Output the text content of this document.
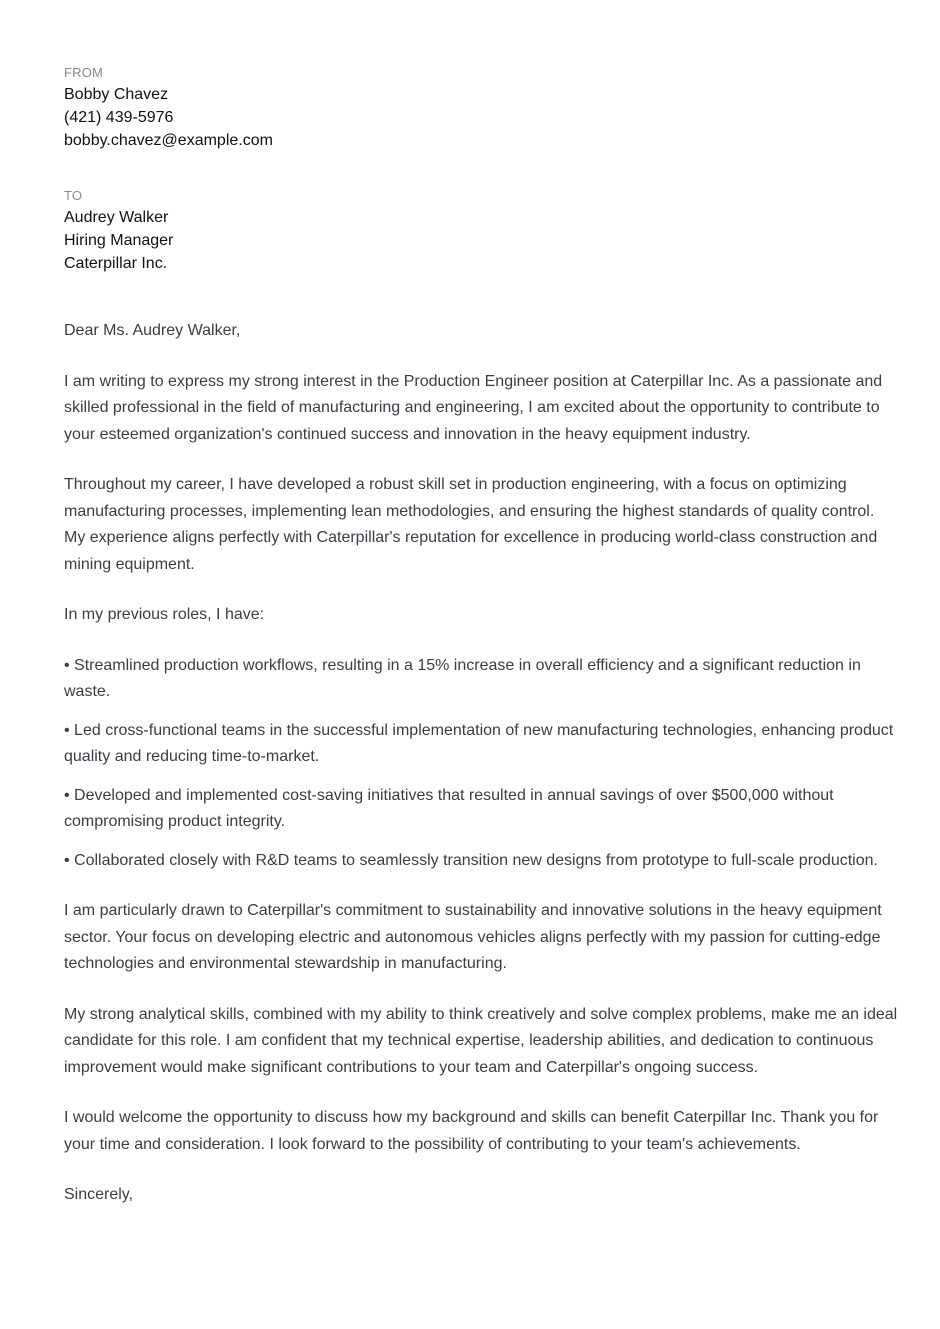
FROM
Bobby Chavez
(421) 439-5976
bobby.chavez@example.com
TO
Audrey Walker
Hiring Manager
Caterpillar Inc.
Dear Ms. Audrey Walker,

I am writing to express my strong interest in the Production Engineer position at Caterpillar Inc. As a passionate and skilled professional in the field of manufacturing and engineering, I am excited about the opportunity to contribute to your esteemed organization's continued success and innovation in the heavy equipment industry.

Throughout my career, I have developed a robust skill set in production engineering, with a focus on optimizing manufacturing processes, implementing lean methodologies, and ensuring the highest standards of quality control. My experience aligns perfectly with Caterpillar's reputation for excellence in producing world-class construction and mining equipment.

In my previous roles, I have:

• Streamlined production workflows, resulting in a 15% increase in overall efficiency and a significant reduction in waste.

• Led cross-functional teams in the successful implementation of new manufacturing technologies, enhancing product quality and reducing time-to-market.

• Developed and implemented cost-saving initiatives that resulted in annual savings of over $500,000 without compromising product integrity.

• Collaborated closely with R&D teams to seamlessly transition new designs from prototype to full-scale production.

I am particularly drawn to Caterpillar's commitment to sustainability and innovative solutions in the heavy equipment sector. Your focus on developing electric and autonomous vehicles aligns perfectly with my passion for cutting-edge technologies and environmental stewardship in manufacturing.

My strong analytical skills, combined with my ability to think creatively and solve complex problems, make me an ideal candidate for this role. I am confident that my technical expertise, leadership abilities, and dedication to continuous improvement would make significant contributions to your team and Caterpillar's ongoing success.

I would welcome the opportunity to discuss how my background and skills can benefit Caterpillar Inc. Thank you for your time and consideration. I look forward to the possibility of contributing to your team's achievements.

Sincerely,
